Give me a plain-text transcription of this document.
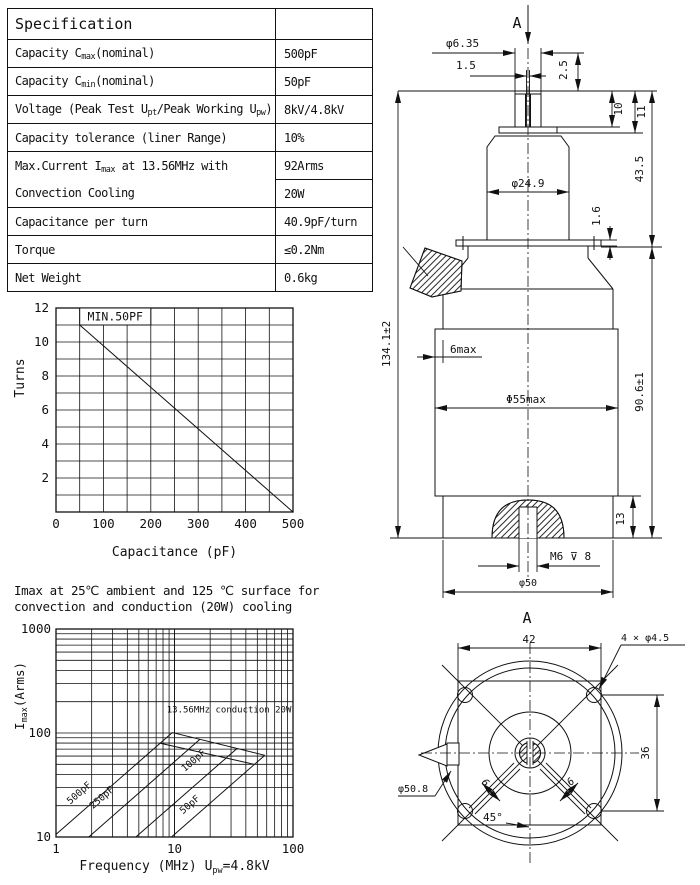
Specification	
Capacity $C_{max}(nominal)$	500pF
Capacity $C_{min}(nominal)$	50pF
Voltage (Peak Test $U_{pt}$/Peak Working $U_{pw}$)	8kV/4.8kV
Capacity tolerance (liner Range)	10%

Max.Current $I_{max}$ at 13.56MHz with
Convection Cooling	92Arms
	20W
Capacitance per turn	40.9pF/turn
Torque	≤0.2Nm
Net Weight	0.6kg
MIN.50PF
0	100 200 300 400 500
2
4
6
8
10
12
Capacitance (pF)
Turns
Imax at 25℃ ambient and 125 ℃ surface for
convection and conduction (20W) cooling
500pF
250pF
100pF
50pF
13.56MHz conduction 20W
1	10	100
10
100
1000
Frequency (MHz) $U_{pw}=4.8kV$
$I_{max}(Arms)$
134.1±2
43.5
90.6±1
10 11
2.5
φ6.35
1.5
φ24.9
1.6
6max
Φ55max
13
M6 ⊽ 8
φ50
A
A
42
36
4 × φ4.5
φ50.8
45°
6	6
